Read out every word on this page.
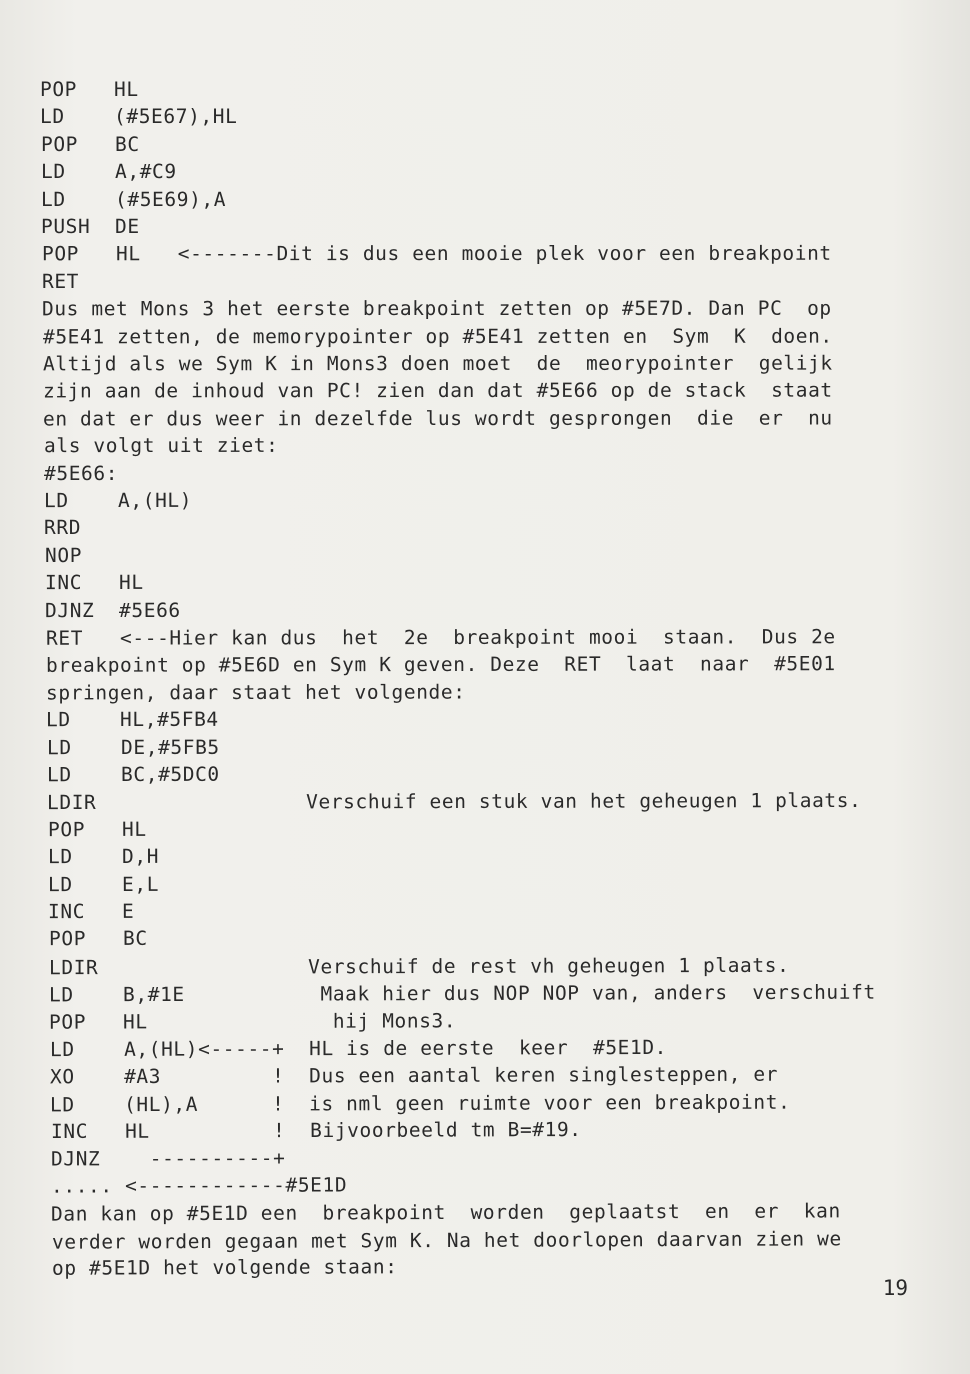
POP   HL
LD    (#5E67),HL
POP   BC
LD    A,#C9
LD    (#5E69),A
PUSH  DE
POP   HL   <-------Dit is dus een mooie plek voor een breakpoint
RET
Dus met Mons 3 het eerste breakpoint zetten op #5E7D. Dan PC  op
#5E41 zetten, de memorypointer op #5E41 zetten en  Sym  K  doen.
Altijd als we Sym K in Mons3 doen moet  de  meorypointer  gelijk
zijn aan de inhoud van PC! zien dan dat #5E66 op de stack  staat
en dat er dus weer in dezelfde lus wordt gesprongen  die  er  nu
als volgt uit ziet:
#5E66:
LD    A,(HL)
RRD
NOP
INC   HL
DJNZ  #5E66
RET   <---Hier kan dus  het  2e  breakpoint mooi  staan.  Dus 2e
breakpoint op #5E6D en Sym K geven. Deze  RET  laat  naar  #5E01
springen, daar staat het volgende:
LD    HL,#5FB4
LD    DE,#5FB5
LD    BC,#5DC0
LDIR                 Verschuif een stuk van het geheugen 1 plaats.
POP   HL
LD    D,H
LD    E,L
INC   E
POP   BC
LDIR                 Verschuif de rest vh geheugen 1 plaats.
LD    B,#1E           Maak hier dus NOP NOP van, anders  verschuift
POP   HL               hij Mons3.
LD    A,(HL)<-----+  HL is de eerste  keer  #5E1D.
XO    #A3         !  Dus een aantal keren singlesteppen, er
LD    (HL),A      !  is nml geen ruimte voor een breakpoint.
INC   HL          !  Bijvoorbeeld tm B=#19.
DJNZ    ----------+
..... <------------#5E1D
Dan kan op #5E1D een  breakpoint  worden  geplaatst  en  er  kan
verder worden gegaan met Sym K. Na het doorlopen daarvan zien we
op #5E1D het volgende staan:
19
